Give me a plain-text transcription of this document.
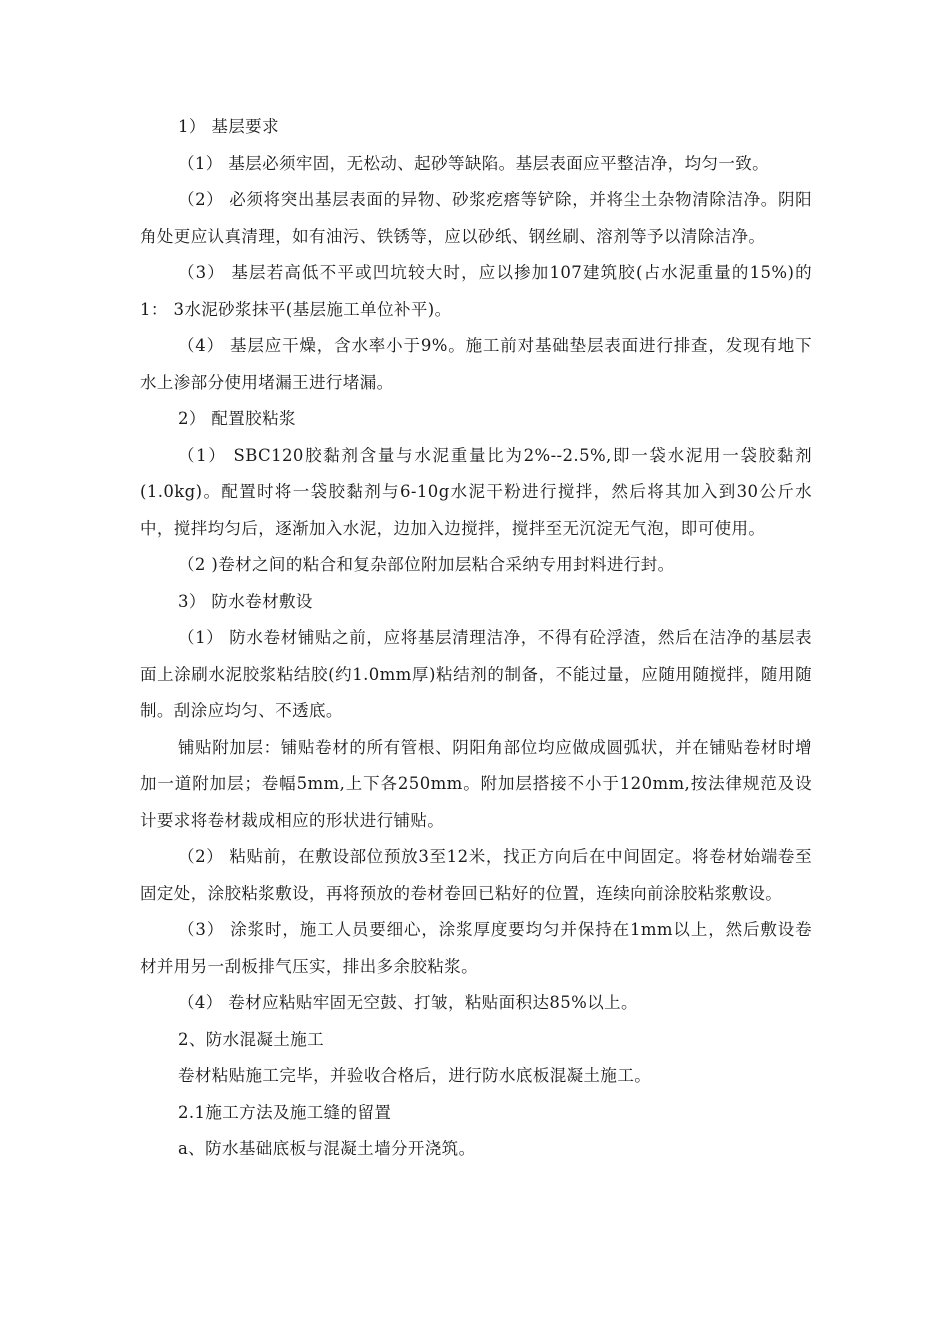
1） 基层要求

（1） 基层必须牢固，无松动、起砂等缺陷。基层表面应平整洁净，均匀一致。

（2） 必须将突出基层表面的异物、砂浆疙瘩等铲除，并将尘土杂物清除洁净。阴阳角处更应认真清理，如有油污、铁锈等，应以砂纸、钢丝刷、溶剂等予以清除洁净。

（3） 基层若高低不平或凹坑较大时，应以掺加107建筑胶(占水泥重量的15%)的1： 3水泥砂浆抹平(基层施工单位补平)。

（4） 基层应干燥，含水率小于9%。施工前对基础垫层表面进行排查，发现有地下水上渗部分使用堵漏王进行堵漏。

2） 配置胶粘浆

（1） SBC120胶黏剂含量与水泥重量比为2%--2.5%,即一袋水泥用一袋胶黏剂(1.0kg)。配置时将一袋胶黏剂与6-10g水泥干粉进行搅拌，然后将其加入到30公斤水中，搅拌均匀后，逐渐加入水泥，边加入边搅拌，搅拌至无沉淀无气泡，即可使用。

（2 )卷材之间的粘合和复杂部位附加层粘合采纳专用封料进行封。

3） 防水卷材敷设

（1） 防水卷材铺贴之前，应将基层清理洁净，不得有砼浮渣，然后在洁净的基层表面上涂刷水泥胶浆粘结胶(约1.0mm厚)粘结剂的制备，不能过量，应随用随搅拌，随用随制。刮涂应均匀、不透底。

铺贴附加层：铺贴卷材的所有管根、阴阳角部位均应做成圆弧状，并在铺贴卷材时增加一道附加层；卷幅5mm,上下各250mm。附加层搭接不小于120mm,按法律规范及设计要求将卷材裁成相应的形状进行铺贴。

（2） 粘贴前，在敷设部位预放3至12米，找正方向后在中间固定。将卷材始端卷至固定处，涂胶粘浆敷设，再将预放的卷材卷回已粘好的位置，连续向前涂胶粘浆敷设。

（3） 涂浆时，施工人员要细心，涂浆厚度要均匀并保持在1mm以上，然后敷设卷材并用另一刮板排气压实，排出多余胶粘浆。

（4） 卷材应粘贴牢固无空鼓、打皱，粘贴面积达85%以上。

2、防水混凝土施工

卷材粘贴施工完毕，并验收合格后，进行防水底板混凝土施工。

2.1施工方法及施工缝的留置

a、防水基础底板与混凝土墙分开浇筑。
